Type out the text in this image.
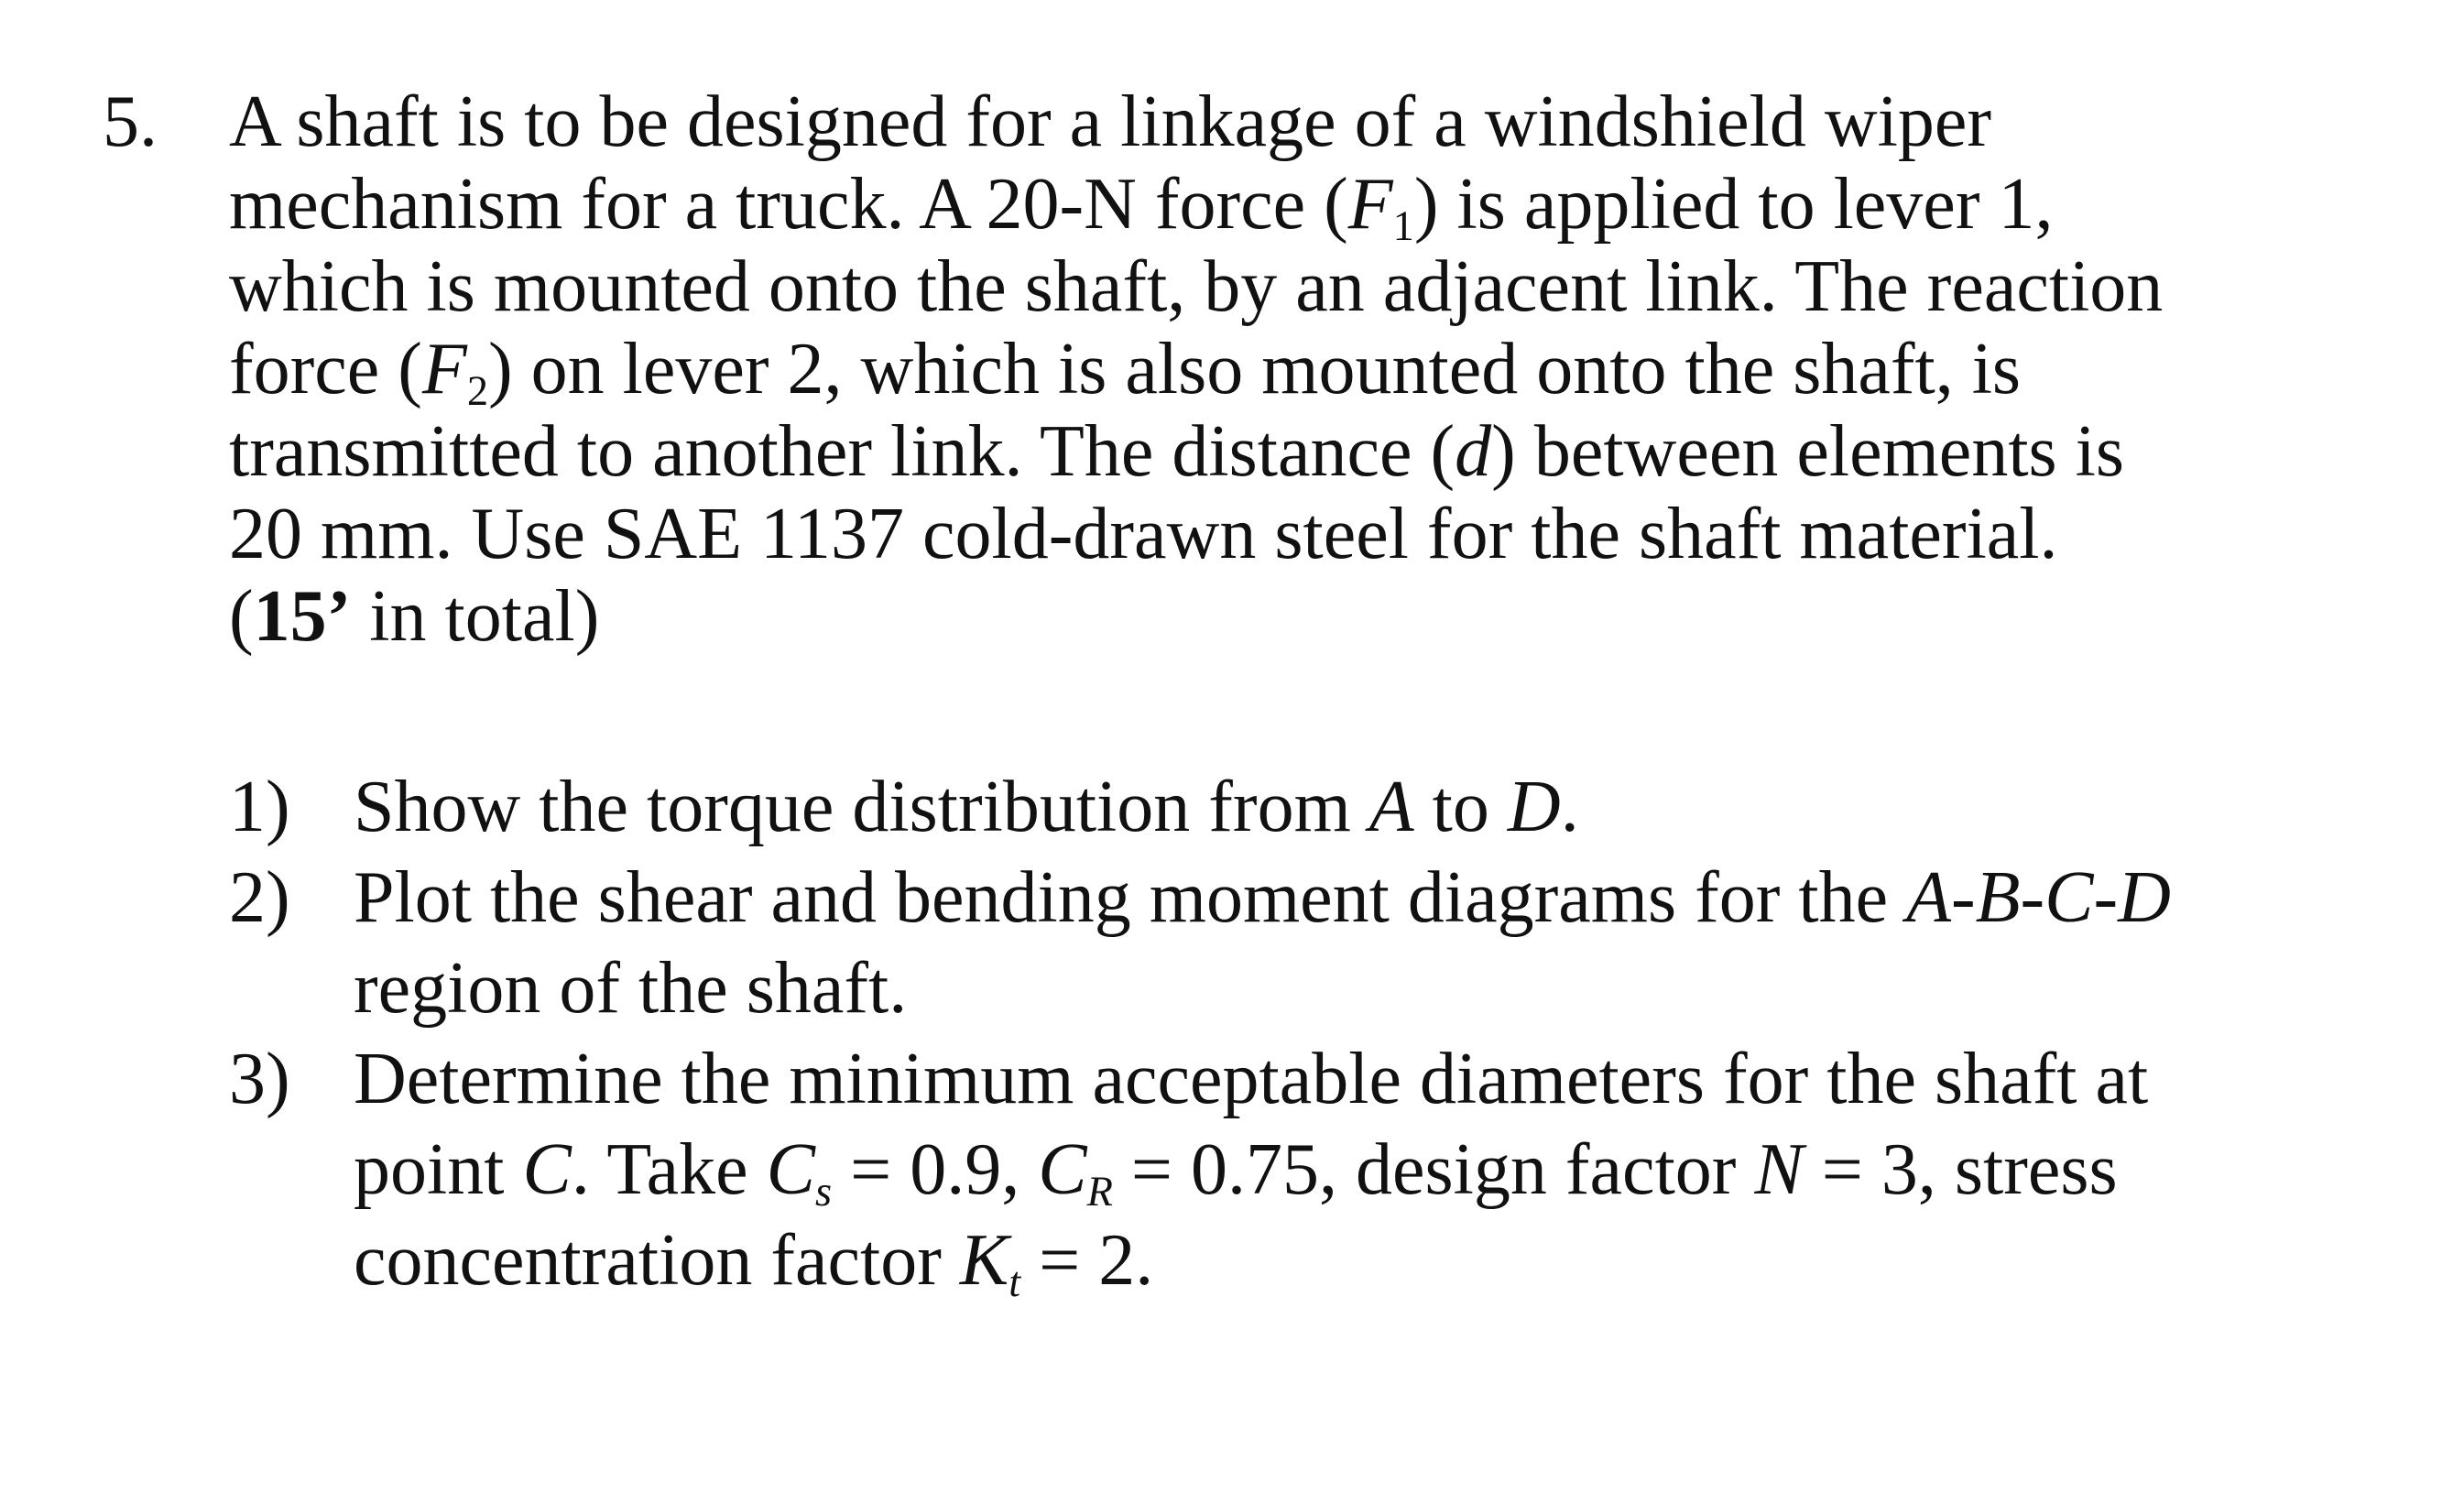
5. A shaft is to be designed for a linkage of a windshield wiper
mechanism for a truck. A 20-N force $(F_1)$ is applied to lever 1,
which is mounted onto the shaft, by an adjacent link. The reaction
force $(F_2)$ on lever 2, which is also mounted onto the shaft, is
transmitted to another link. The distance (d) between elements is
20 mm. Use SAE 1137 cold-drawn steel for the shaft material.
(15’ in total)
1) Show the torque distribution from A to D.
2) Plot the shear and bending moment diagrams for the A-B-C-D
region of the shaft.
3) Determine the minimum acceptable diameters for the shaft at
point C. Take $C_s = 0.9$, $C_R = 0.75$, design factor N = 3, stress
concentration factor $K_t = 2$.
